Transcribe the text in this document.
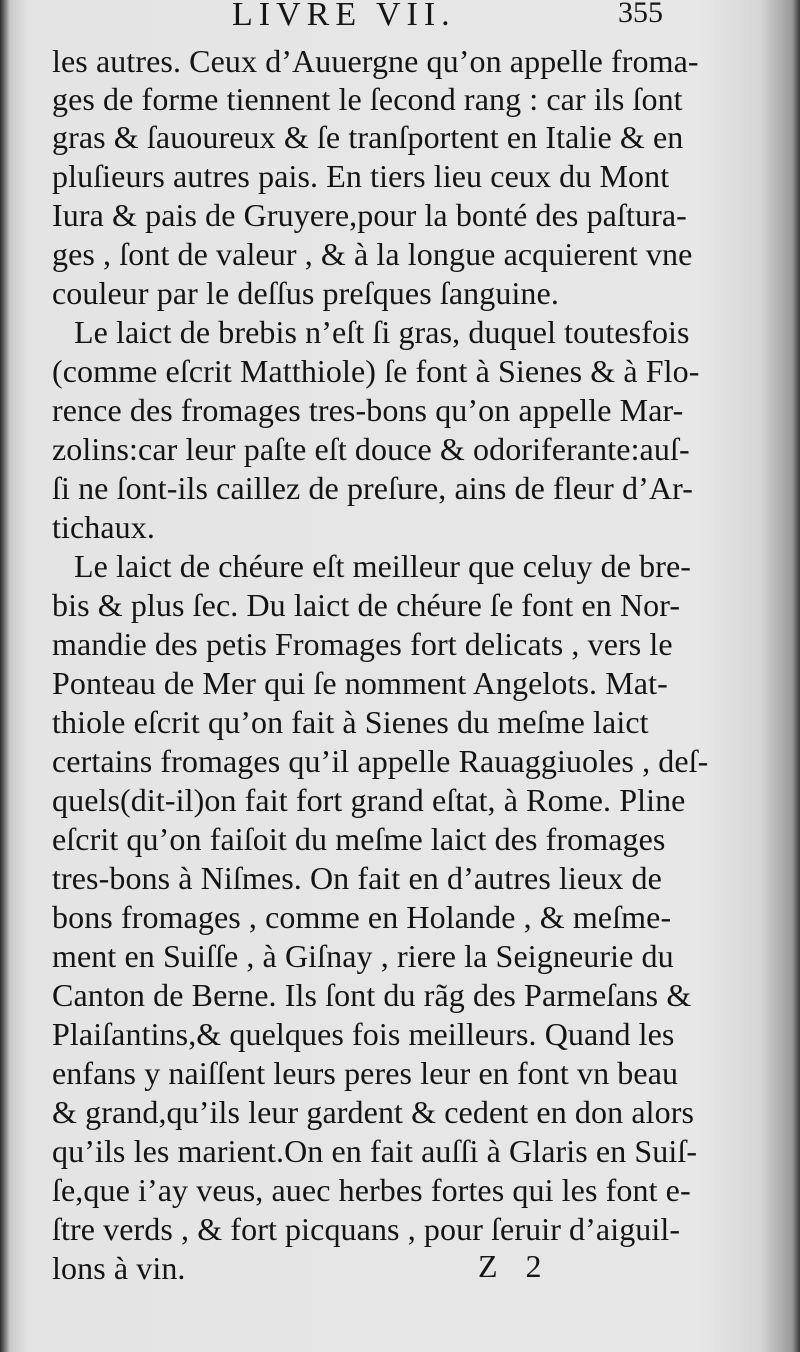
LIVRE VII.	355
les autres. Ceux d’Auuergne qu’on appelle froma-
ges de forme tiennent le ſecond rang : car ils ſont
gras & ſauoureux & ſe tranſportent en Italie & en
pluſieurs autres pais. En tiers lieu ceux du Mont
Iura & pais de Gruyere,pour la bonté des paſtura-
ges , ſont de valeur , & à la longue acquierent vne
couleur par le deſſus preſques ſanguine.
Le laict de brebis n’eſt ſi gras, duquel toutesfois
(comme eſcrit Matthiole) ſe font à Sienes & à Flo-
rence des fromages tres-bons qu’on appelle Mar-
zolins:car leur paſte eſt douce & odoriferante:auſ-
ſi ne ſont-ils caillez de preſure, ains de fleur d’Ar-
tichaux.
Le laict de chéure eſt meilleur que celuy de bre-
bis & plus ſec. Du laict de chéure ſe font en Nor-
mandie des petis Fromages fort delicats , vers le
Ponteau de Mer qui ſe nomment Angelots. Mat-
thiole eſcrit qu’on fait à Sienes du meſme laict
certains fromages qu’il appelle Rauaggiuoles , deſ-
quels(dit-il)on fait fort grand eſtat, à Rome. Pline
eſcrit qu’on faiſoit du meſme laict des fromages
tres-bons à Niſmes. On fait en d’autres lieux de
bons fromages , comme en Holande , & meſme-
ment en Suiſſe , à Giſnay , riere la Seigneurie du
Canton de Berne. Ils ſont du rãg des Parmeſans &
Plaiſantins,& quelques fois meilleurs. Quand les
enfans y naiſſent leurs peres leur en font vn beau
& grand,qu’ils leur gardent & cedent en don alors
qu’ils les marient.On en fait auſſi à Glaris en Suiſ-
ſe,que i’ay veus, auec herbes fortes qui les font e-
ſtre verds , & fort picquans , pour ſeruir d’aiguil-
lons à vin.	Z 2
